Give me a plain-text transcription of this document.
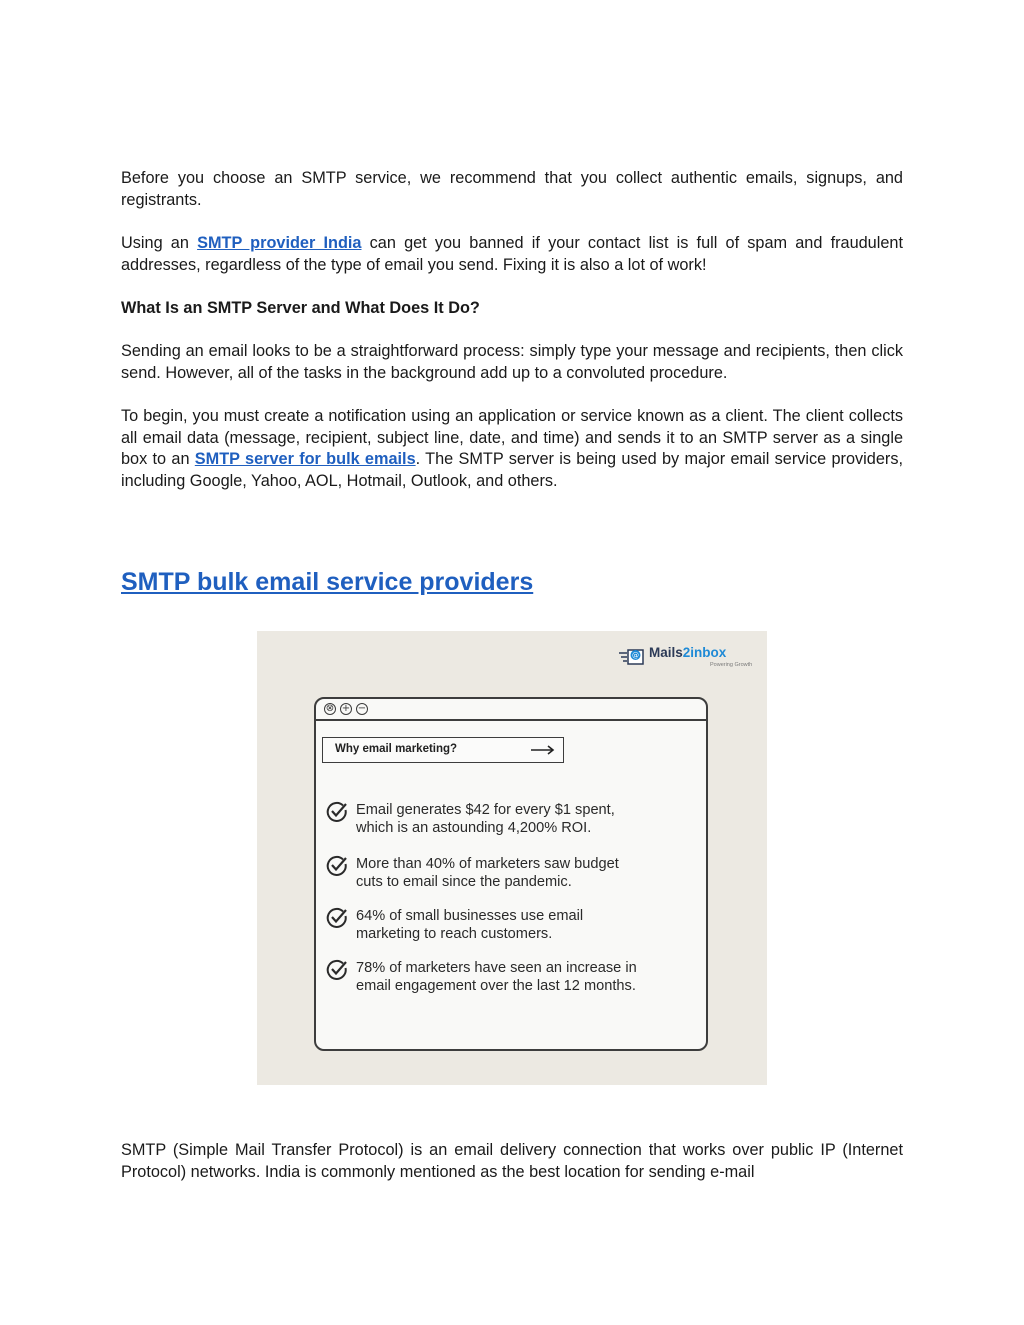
Before you choose an SMTP service, we recommend that you collect authentic emails, signups, and registrants.

Using an SMTP provider India can get you banned if your contact list is full of spam and fraudulent addresses, regardless of the type of email you send. Fixing it is also a lot of work!

What Is an SMTP Server and What Does It Do?

Sending an email looks to be a straightforward process: simply type your message and recipients, then click send. However, all of the tasks in the background add up to a convoluted procedure.

To begin, you must create a notification using an application or service known as a client. The client collects all email data (message, recipient, subject line, date, and time) and sends it to an SMTP server as a single box to an SMTP server for bulk emails. The SMTP server is being used by major email service providers, including Google, Yahoo, AOL, Hotmail, Outlook, and others.

SMTP bulk email service providers

SMTP (Simple Mail Transfer Protocol) is an email delivery connection that works over public IP (Internet Protocol) networks. India is commonly mentioned as the best location for sending e-mail

@ Mails2inbox
Powering Growth
⊗ + −
Why email marketing?
Email generates $42 for every $1 spent,
which is an astounding 4,200% ROI.
More than 40% of marketers saw budget
cuts to email since the pandemic.
64% of small businesses use email
marketing to reach customers.
78% of marketers have seen an increase in
email engagement over the last 12 months.
